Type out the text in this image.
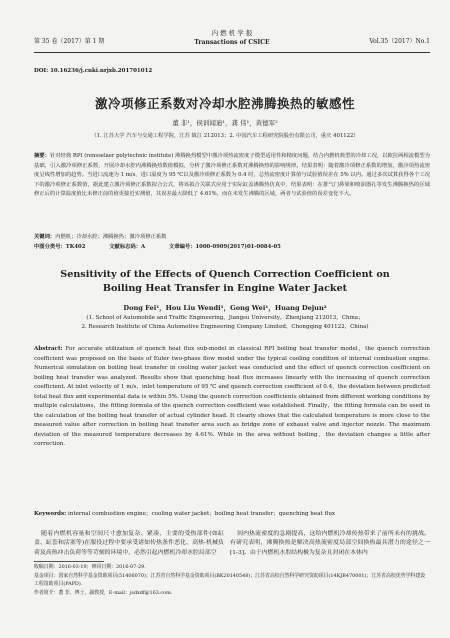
第 35 卷（2017）第 1 期
内 燃 机 学 报
Transactions of CSICE	Vol.35（2017）No.1
DOI: 10.16236/j.cnki.nrjxb.201701012
激冷项修正系数对冷却水腔沸腾换热的敏感性
董 非¹，侯训闻迪¹，龚 伟¹，黄德军²
（1. 江苏大学 汽车与交通工程学院，江苏 镇江 212013；2. 中国汽车工程研究院股份有限公司，重庆 401122）
摘要：针对经典 RPI (rensselaer polytechnic institute) 沸腾换热模型中激冷项热流密度子模型适用性和精度问题，结合内燃机典型的冷却工况，以欧拉两相流模型为基础，引入激冷项修正系数，开展冷却水腔内沸腾换热数值模拟，分析了激冷项修正系数对沸腾换热的影响规律。结果表明：随着激冷项修正系数的增加，激冷项热流密度呈线性增加的趋势。当进口流速为 1 m/s、进口温度为 95 ℃以及激冷项修正系数为 0.4 时，总热流密度计算值与试验值误差在 5% 以内。通过多次试算获得各个工况下的激冷项修正系数值，据此建立激冷项修正系数拟合公式，将该拟合关联式应用于实际缸盖沸腾热仿真中，结果表明：在排气门鼻梁和喷油器孔等发生沸腾换热的区域修正后的计算温度值比未修正前的值更接近实测值，其误差最大降低了 4.61%，而在未发生沸腾的区域，两者与试验值的误差变化不大。
关键词：内燃机；冷却水腔；沸腾换热；激冷项修正系数
中图分类号：TK402	文献标志码：A	文章编号：1000-0909(2017)01-0084-05
Sensitivity of the Effects of Quench Correction Coefficient on
Boiling Heat Transfer in Engine Water Jacket
Dong Fei¹，Hou Liu Wendi¹，Gong Wei¹，Huang Dejun²
(1. School of Automobile and Traffic Engineering，Jiangsu University，Zhenjiang 212013，China；
2. Research Institute of China Automotive Engineering Company Limited，Chongqing 401122，China)
Abstract: For accurate utilization of quench heat flux sub-model in classical RPI boiling heat transfer model，the quench correction coefficient was proposed on the basis of Euler two-phase flow model under the typical cooling condition of internal combustion engine. Numerical simulation on boiling heat transfer in cooling water jacket was conducted and the effect of quench correction coefficient on boiling heat transfer was analyzed. Results show that quenching heat flux increases linearly with the increasing of quench correction coefficient. At inlet velocity of 1 m/s，inlet temperature of 95 ℃ and quench correction coefficient of 0.4，the deviation between predicted total heat flux and experimental data is within 5%. Using the quench correction coefficients obtained from different working conditions by multiple calculations，the fitting formula of the quench correction coefficient was established. Finally，the fitting formula can be used in the calculation of the boiling heat transfer of actual cylinder head. It clearly shows that the calculated temperature is more close to the measured value after correction in boiling heat transfer area such as bridge zone of exhaust valve and injector nozzle. The maximum deviation of the measured temperature decreases by 4.61%. While in the area without boiling，the deviation changes a little after correction.
Keywords: internal combustion engine；cooling water jacket；boiling heat transfer；quenching heat flux
随着内燃机容量和空间尺寸愈加复杂、紧凑，主要的受热部件(如缸盖、缸套和活塞等)在服役过程中要承受诸如传热条件恶化、高热-机械负荷及高热冲击负荷等等苛刻的环境中，必然引起内燃机冷却水腔局部空
间内热流密度的急剧提高，这给内燃机冷却传热带来了前所未有的挑战。有研究表明，沸腾换热是解决高热流密度局部空间换热最具潜力的途径之一 [1-3]。由于内燃机水腔结构极为复杂且封闭在本体内
收稿日期：2016-03-19；修回日期：2016-07-29.
基金项目：国家自然科学基金资助项目(51406070)；江苏省自然科学基金资助项目(BK20140548)；江苏省高校自然科学研究资助项目(14KJB470001)；江苏省高校优势学科建设工程资助项目(PAPD).
作者简介：董 非，博士，副教授，E-mail：jsdxdf@163.com.
